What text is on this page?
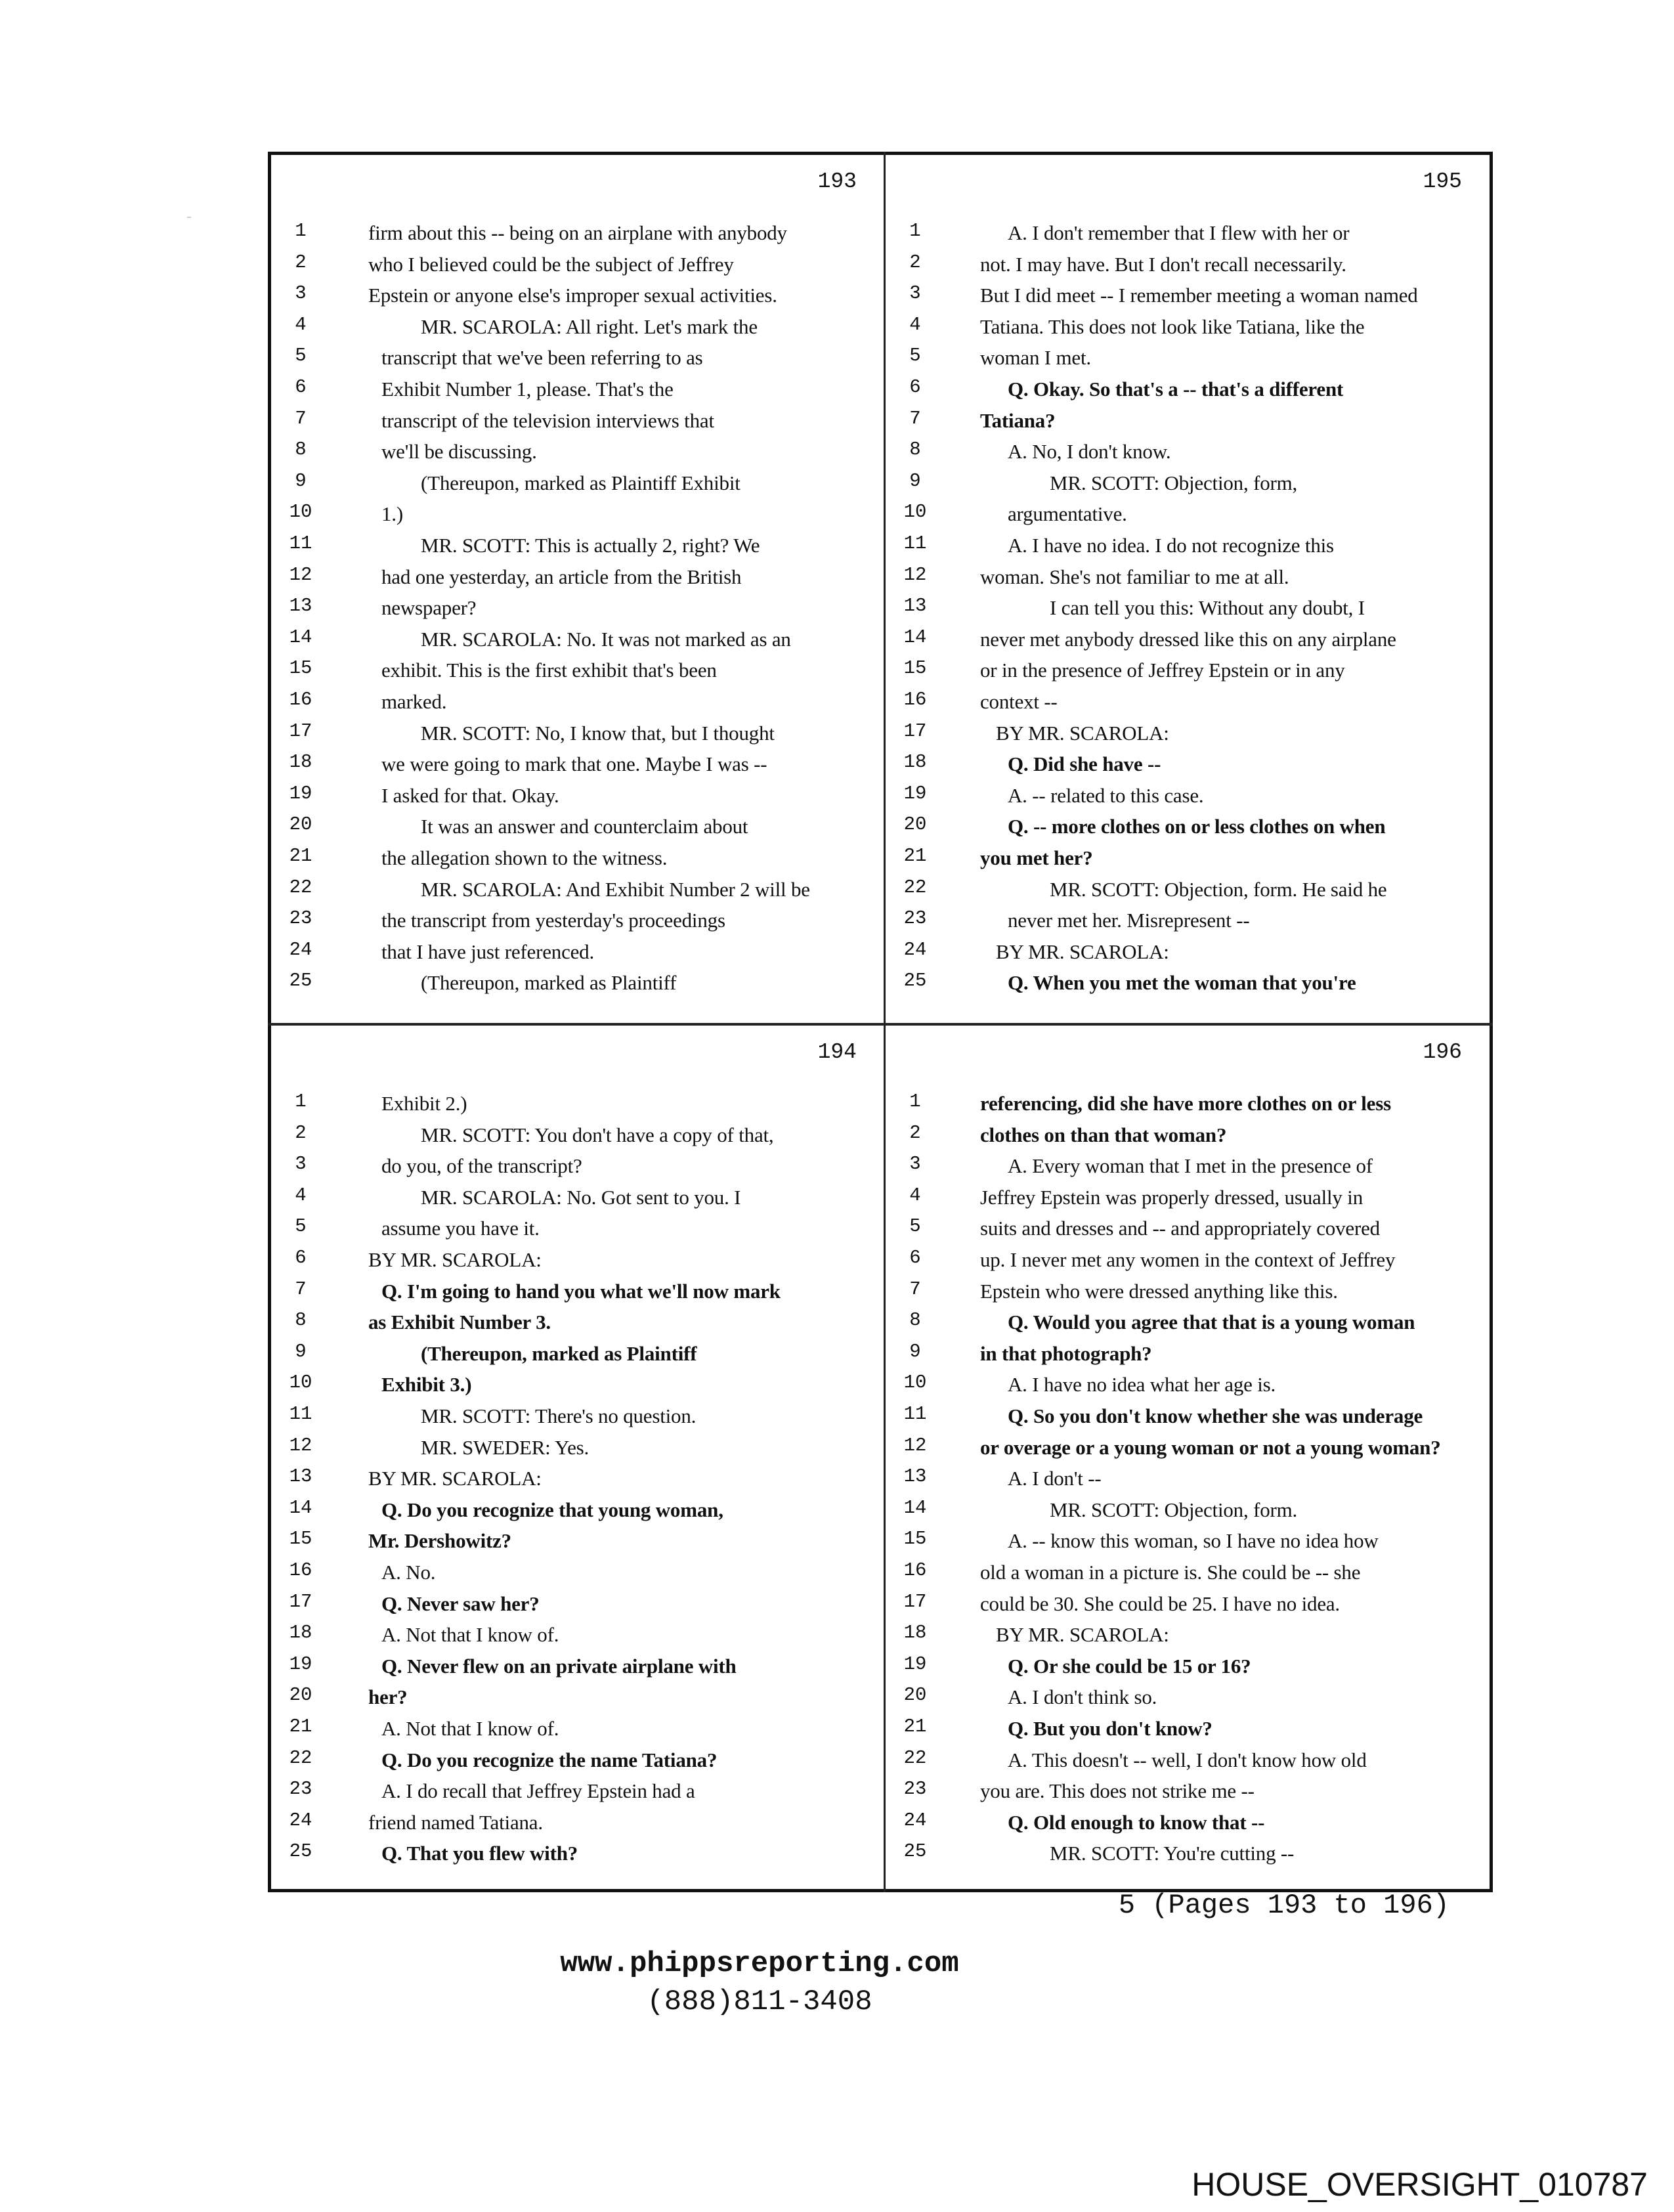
193
1	firm about this -- being on an airplane with anybody
2	who I believed could be the subject of Jeffrey
3	Epstein or anyone else's improper sexual activities.
4	MR. SCAROLA: All right. Let's mark the
5	transcript that we've been referring to as
6	Exhibit Number 1, please. That's the
7	transcript of the television interviews that
8	we'll be discussing.
9	(Thereupon, marked as Plaintiff Exhibit
10	1.)
11	MR. SCOTT: This is actually 2, right? We
12	had one yesterday, an article from the British
13	newspaper?
14	MR. SCAROLA: No. It was not marked as an
15	exhibit. This is the first exhibit that's been
16	marked.
17	MR. SCOTT: No, I know that, but I thought
18	we were going to mark that one. Maybe I was --
19	I asked for that. Okay.
20	It was an answer and counterclaim about
21	the allegation shown to the witness.
22	MR. SCAROLA: And Exhibit Number 2 will be
23	the transcript from yesterday's proceedings
24	that I have just referenced.
25	(Thereupon, marked as Plaintiff
195
1	A. I don't remember that I flew with her or
2	not. I may have. But I don't recall necessarily.
3	But I did meet -- I remember meeting a woman named
4	Tatiana. This does not look like Tatiana, like the
5	woman I met.
6	Q. Okay. So that's a -- that's a different
7	Tatiana?
8	A. No, I don't know.
9	MR. SCOTT: Objection, form,
10	argumentative.
11	A. I have no idea. I do not recognize this
12	woman. She's not familiar to me at all.
13	I can tell you this: Without any doubt, I
14	never met anybody dressed like this on any airplane
15	or in the presence of Jeffrey Epstein or in any
16	context --
17	BY MR. SCAROLA:
18	Q. Did she have --
19	A. -- related to this case.
20	Q. -- more clothes on or less clothes on when
21	you met her?
22	MR. SCOTT: Objection, form. He said he
23	never met her. Misrepresent --
24	BY MR. SCAROLA:
25	Q. When you met the woman that you're
194
1	Exhibit 2.)
2	MR. SCOTT: You don't have a copy of that,
3	do you, of the transcript?
4	MR. SCAROLA: No. Got sent to you. I
5	assume you have it.
6	BY MR. SCAROLA:
7	Q. I'm going to hand you what we'll now mark
8	as Exhibit Number 3.
9	(Thereupon, marked as Plaintiff
10	Exhibit 3.)
11	MR. SCOTT: There's no question.
12	MR. SWEDER: Yes.
13	BY MR. SCAROLA:
14	Q. Do you recognize that young woman,
15	Mr. Dershowitz?
16	A. No.
17	Q. Never saw her?
18	A. Not that I know of.
19	Q. Never flew on an private airplane with
20	her?
21	A. Not that I know of.
22	Q. Do you recognize the name Tatiana?
23	A. I do recall that Jeffrey Epstein had a
24	friend named Tatiana.
25	Q. That you flew with?
196
1	referencing, did she have more clothes on or less
2	clothes on than that woman?
3	A. Every woman that I met in the presence of
4	Jeffrey Epstein was properly dressed, usually in
5	suits and dresses and -- and appropriately covered
6	up. I never met any women in the context of Jeffrey
7	Epstein who were dressed anything like this.
8	Q. Would you agree that that is a young woman
9	in that photograph?
10	A. I have no idea what her age is.
11	Q. So you don't know whether she was underage
12	or overage or a young woman or not a young woman?
13	A. I don't --
14	MR. SCOTT: Objection, form.
15	A. -- know this woman, so I have no idea how
16	old a woman in a picture is. She could be -- she
17	could be 30. She could be 25. I have no idea.
18	BY MR. SCAROLA:
19	Q. Or she could be 15 or 16?
20	A. I don't think so.
21	Q. But you don't know?
22	A. This doesn't -- well, I don't know how old
23	you are. This does not strike me --
24	Q. Old enough to know that --
25	MR. SCOTT: You're cutting --
5 (Pages 193 to 196)
www.phippsreporting.com
(888)811-3408
HOUSE_OVERSIGHT_010787
